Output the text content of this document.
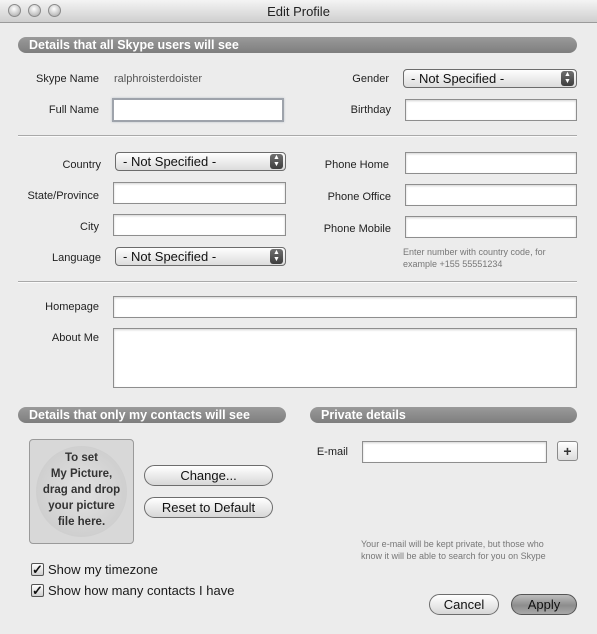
Edit Profile
Details that all Skype users will see
Skype Name ralphroisterdoister
Full Name
Gender	- Not Specified -	▲
▼
Birthday
Country	- Not Specified -	▲
▼
State/Province
City
Language	- Not Specified -	▲
▼
Phone Home
Phone Office
Phone Mobile
Enter number with country code, for example +155 55551234
Homepage
About Me
Details that only my contacts will see
To set
My Picture,
drag and drop
your picture
file here.
Change...
Reset to Default
✓ Show my timezone
✓ Show how many contacts I have
Private details
E-mail	+
Your e-mail will be kept private, but those who know it will be able to search for you on Skype
Cancel	Apply
